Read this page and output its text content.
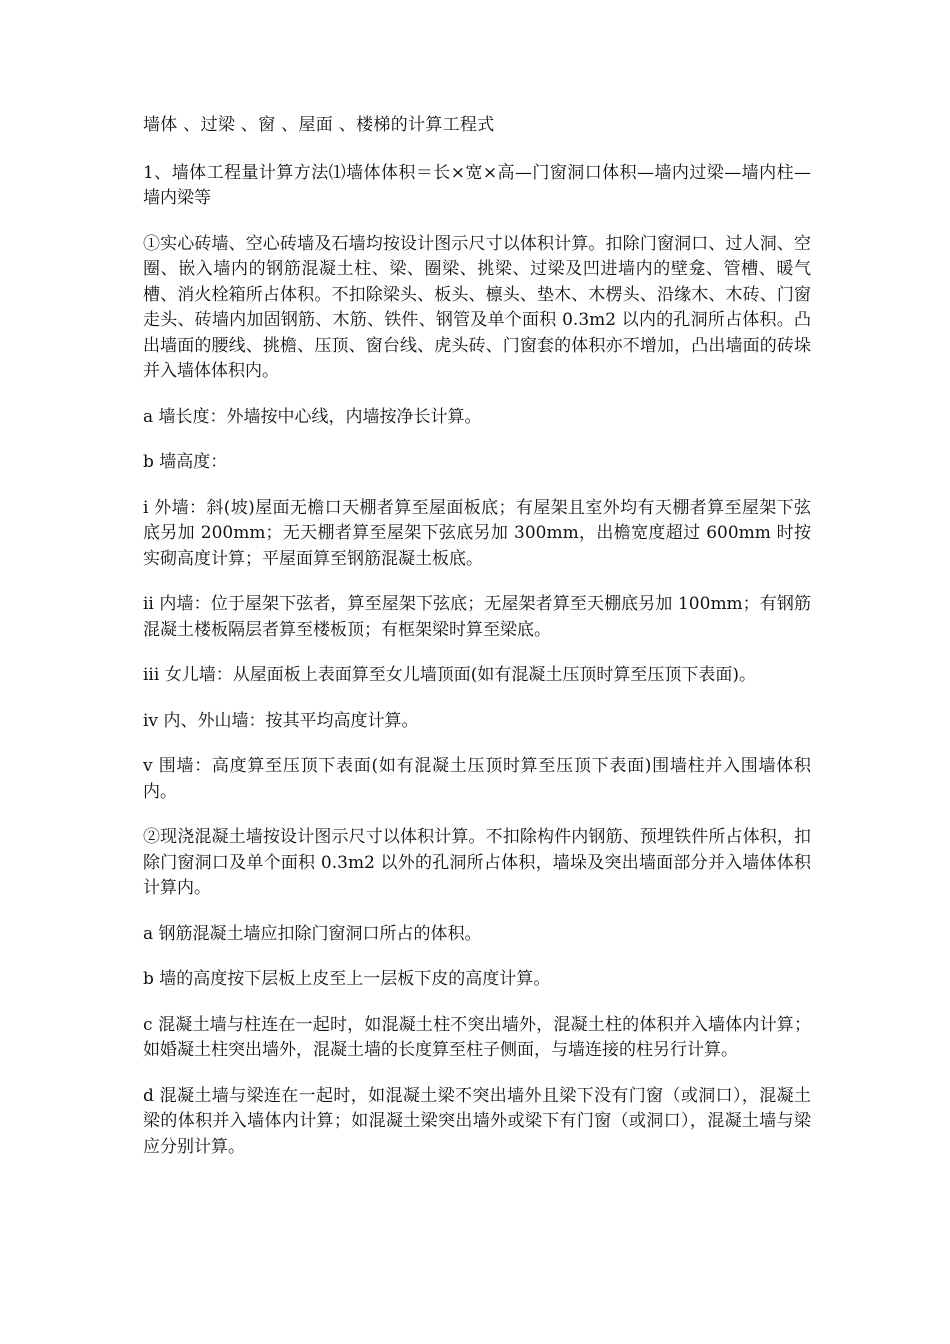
墙体 、过梁 、窗 、屋面 、楼梯的计算工程式

1、墙体工程量计算方法⑴墙体体积＝长×宽×高—门窗洞口体积—墙内过梁—墙内柱—墙内梁等

①实心砖墙、空心砖墙及石墙均按设计图示尺寸以体积计算。扣除门窗洞口、过人洞、空圈、嵌入墙内的钢筋混凝土柱、梁、圈梁、挑梁、过梁及凹进墙内的壁龛、管槽、暖气槽、消火栓箱所占体积。不扣除梁头、板头、檩头、垫木、木楞头、沿缘木、木砖、门窗走头、砖墙内加固钢筋、木筋、铁件、钢管及单个面积 0.3m2 以内的孔洞所占体积。凸出墙面的腰线、挑檐、压顶、窗台线、虎头砖、门窗套的体积亦不增加，凸出墙面的砖垛并入墙体体积内。

a 墙长度：外墙按中心线，内墙按净长计算。

b 墙高度：

i 外墙：斜(坡)屋面无檐口天棚者算至屋面板底；有屋架且室外均有天棚者算至屋架下弦底另加 200mm；无天棚者算至屋架下弦底另加 300mm，出檐宽度超过 600mm 时按实砌高度计算；平屋面算至钢筋混凝土板底。

ii 内墙：位于屋架下弦者，算至屋架下弦底；无屋架者算至天棚底另加 100mm；有钢筋混凝土楼板隔层者算至楼板顶；有框架梁时算至梁底。

iii 女儿墙：从屋面板上表面算至女儿墙顶面(如有混凝土压顶时算至压顶下表面)。

iv 内、外山墙：按其平均高度计算。

v 围墙：高度算至压顶下表面(如有混凝土压顶时算至压顶下表面)围墙柱并入围墙体积内。

②现浇混凝土墙按设计图示尺寸以体积计算。不扣除构件内钢筋、预埋铁件所占体积，扣除门窗洞口及单个面积 0.3m2 以外的孔洞所占体积，墙垛及突出墙面部分并入墙体体积计算内。

a 钢筋混凝土墙应扣除门窗洞口所占的体积。

b 墙的高度按下层板上皮至上一层板下皮的高度计算。

c 混凝土墙与柱连在一起时，如混凝土柱不突出墙外，混凝土柱的体积并入墙体内计算；如婚凝土柱突出墙外，混凝土墙的长度算至柱子侧面，与墙连接的柱另行计算。

d 混凝土墙与梁连在一起时，如混凝土梁不突出墙外且梁下没有门窗（或洞口），混凝土梁的体积并入墙体内计算；如混凝土梁突出墙外或梁下有门窗（或洞口），混凝土墙与梁应分别计算。
